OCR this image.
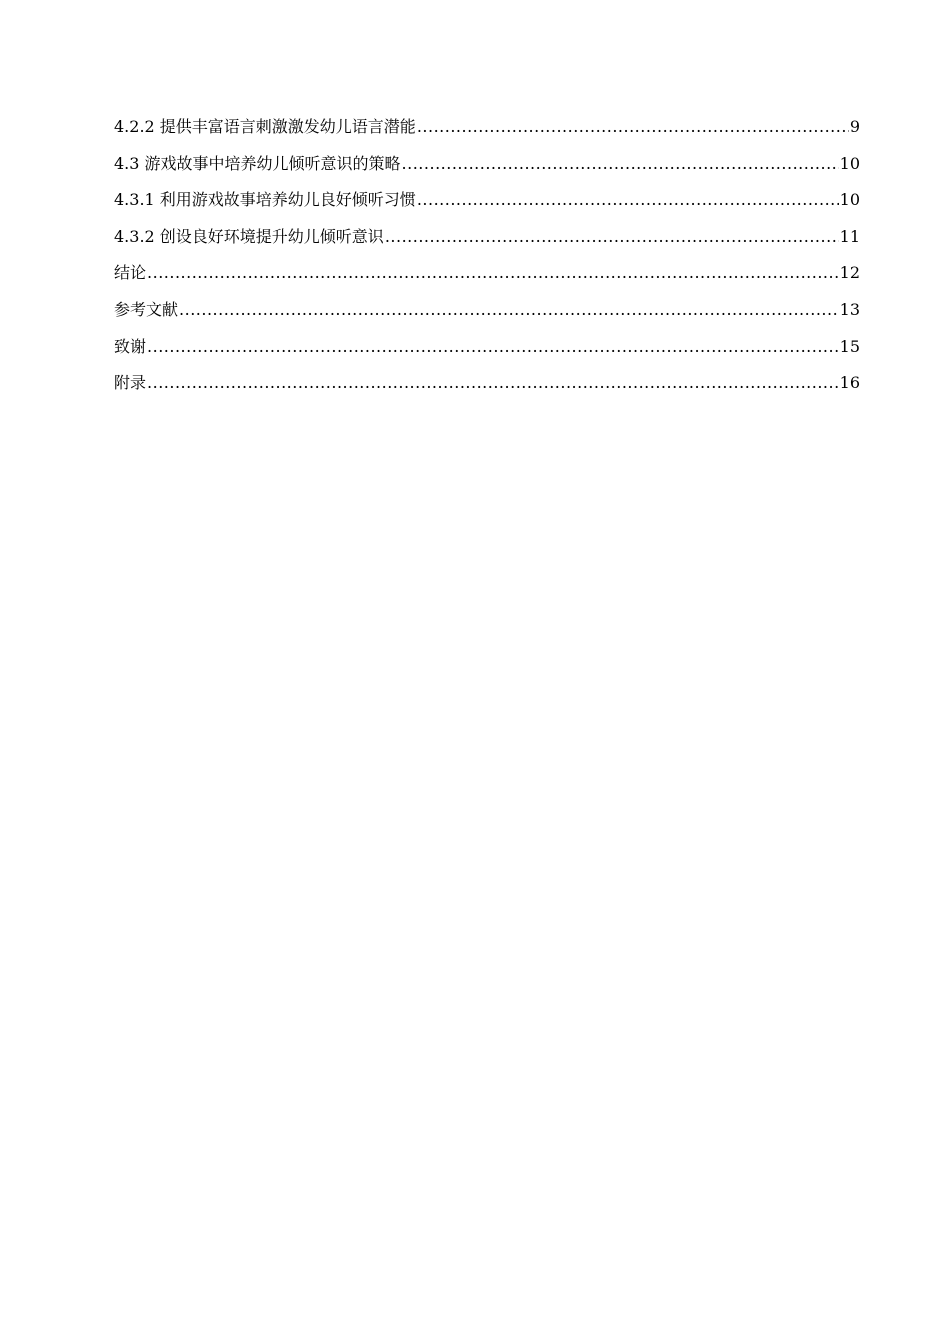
4.2.2 提供丰富语言刺激激发幼儿语言潜能 .....	9
4.3 游戏故事中培养幼儿倾听意识的策略 .....	10
4.3.1 利用游戏故事培养幼儿良好倾听习惯 .....	10
4.3.2 创设良好环境提升幼儿倾听意识 .....	11
结论 .....	12
参考文献 .....	13
致谢 .....	15
附录 .....	16
